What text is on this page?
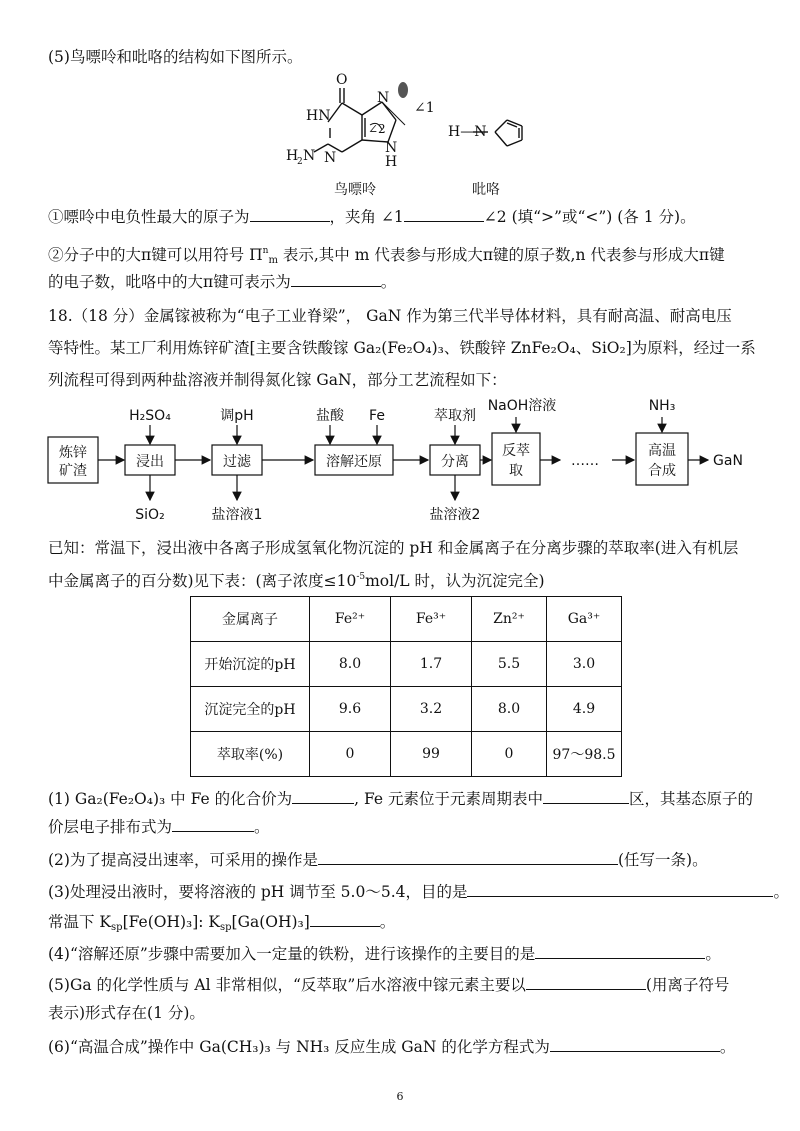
(5)鸟嘌呤和吡咯的结构如下图所示。
O
HN
N
N
N
H
H
2 N
∠1
∠2	H—N
鸟嘌呤	吡咯
①嘌呤中电负性最大的原子为	，夹角 ∠1	∠2 (填“>”或“<”) (各 1 分)。
②分子中的大π键可以用符号 $\Pi^n_m$ 表示,其中 m 代表参与形成大π键的原子数,n 代表参与形成大π键
的电子数，吡咯中的大π键可表示为	。
18.（18 分）金属镓被称为“电子工业脊梁”， GaN 作为第三代半导体材料，具有耐高温、耐高电压
等特性。某工厂利用炼锌矿渣[主要含铁酸镓 Ga₂(Fe₂O₄)₃、铁酸锌 ZnFe₂O₄、SiO₂]为原料，经过一系
列流程可得到两种盐溶液并制得氮化镓 GaN，部分工艺流程如下：
炼锌
矿渣
浸出	过滤	溶解还原	分离
反萃
取
高温
合成
H₂SO₄	调pH	盐酸 Fe	萃取剂
NaOH溶液	NH₃
SiO₂	盐溶液1	盐溶液2
……	GaN
已知：常温下，浸出液中各离子形成氢氧化物沉淀的 pH 和金属离子在分离步骤的萃取率(进入有机层
中金属离子的百分数)见下表：(离子浓度$\le 10^{-5}mol/L$ 时，认为沉淀完全)
金属离子	Fe²⁺	Fe³⁺	Zn²⁺	Ga³⁺
开始沉淀的pH	8.0	1.7	5.5	3.0
沉淀完全的pH	9.6	3.2	8.0	4.9
萃取率(%)	0	99	0	97～98.5
(1) Ga₂(Fe₂O₄)₃ 中 Fe 的化合价为	, Fe 元素位于元素周期表中	区，其基态原子的
价层电子排布式为	。
(2)为了提高浸出速率，可采用的操作是	(任写一条)。
(3)处理浸出液时，要将溶液的 pH 调节至 5.0～5.4，目的是	。
常温下 $K_{sp}[Fe(OH)_3]$: $K_{sp}[Ga(OH)_3]$	。
(4)“溶解还原”步骤中需要加入一定量的铁粉，进行该操作的主要目的是	。
(5)Ga 的化学性质与 Al 非常相似，“反萃取”后水溶液中镓元素主要以	(用离子符号
表示)形式存在(1 分)。
(6)“高温合成”操作中 Ga(CH₃)₃ 与 NH₃ 反应生成 GaN 的化学方程式为	。
6
